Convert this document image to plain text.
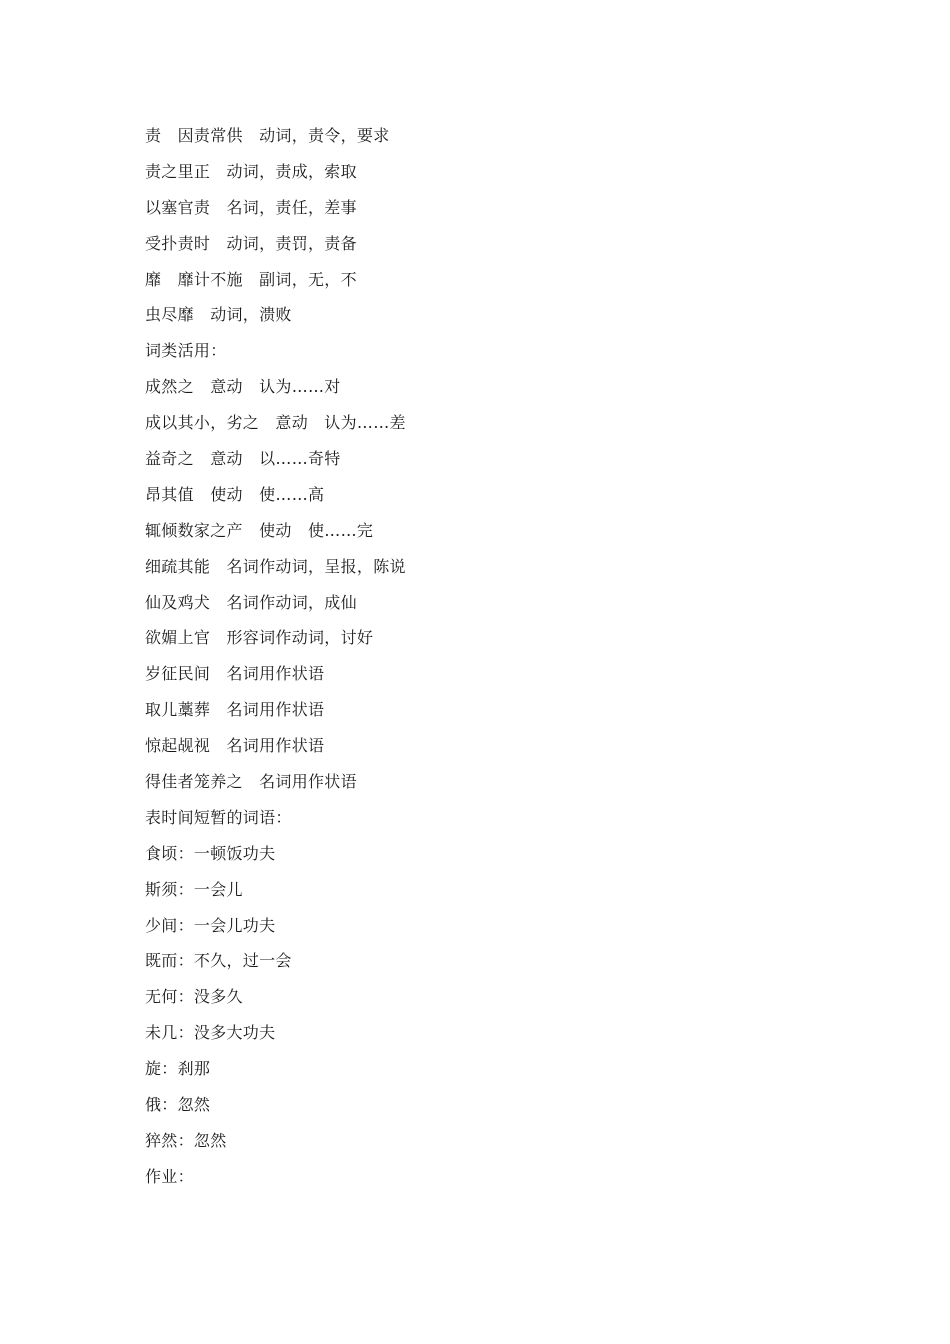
责　因责常供　动词，责令，要求
责之里正　动词，责成，索取
以塞官责　名词，责任，差事
受扑责时　动词，责罚，责备
靡　靡计不施　副词，无，不
虫尽靡　动词，溃败
词类活用：
成然之　意动　认为……对
成以其小，劣之　意动　认为……差
益奇之　意动　以……奇特
昂其值　使动　使……高
辄倾数家之产　使动　使……完
细疏其能　名词作动词，呈报，陈说
仙及鸡犬　名词作动词，成仙
欲媚上官　形容词作动词，讨好
岁征民间　名词用作状语
取儿藁葬　名词用作状语
惊起觇视　名词用作状语
得佳者笼养之　名词用作状语
表时间短暂的词语：
食顷：一顿饭功夫
斯须：一会儿
少间：一会儿功夫
既而：不久，过一会
无何：没多久
未几：没多大功夫
旋：刹那
俄：忽然
猝然：忽然
作业：
